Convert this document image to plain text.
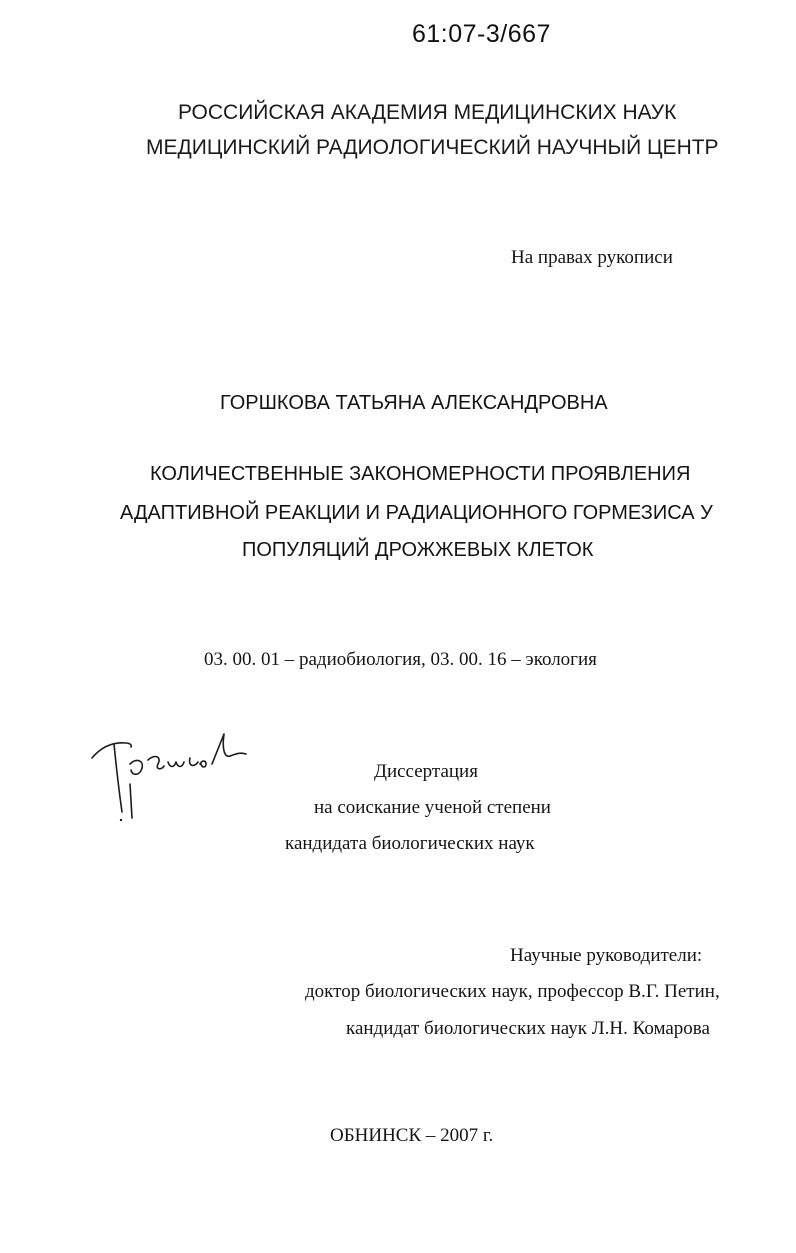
61:07-3/667
РОССИЙСКАЯ АКАДЕМИЯ МЕДИЦИНСКИХ НАУК
МЕДИЦИНСКИЙ РАДИОЛОГИЧЕСКИЙ НАУЧНЫЙ ЦЕНТР
На правах рукописи
ГОРШКОВА ТАТЬЯНА АЛЕКСАНДРОВНА
КОЛИЧЕСТВЕННЫЕ ЗАКОНОМЕРНОСТИ ПРОЯВЛЕНИЯ
АДАПТИВНОЙ РЕАКЦИИ И РАДИАЦИОННОГО ГОРМЕЗИСА У
ПОПУЛЯЦИЙ ДРОЖЖЕВЫХ КЛЕТОК
03. 00. 01 – радиобиология, 03. 00. 16 – экология
Диссертация
на соискание ученой степени
кандидата биологических наук
Научные руководители:
доктор биологических наук, профессор В.Г. Петин,
кандидат биологических наук Л.Н. Комарова
ОБНИНСК – 2007 г.
